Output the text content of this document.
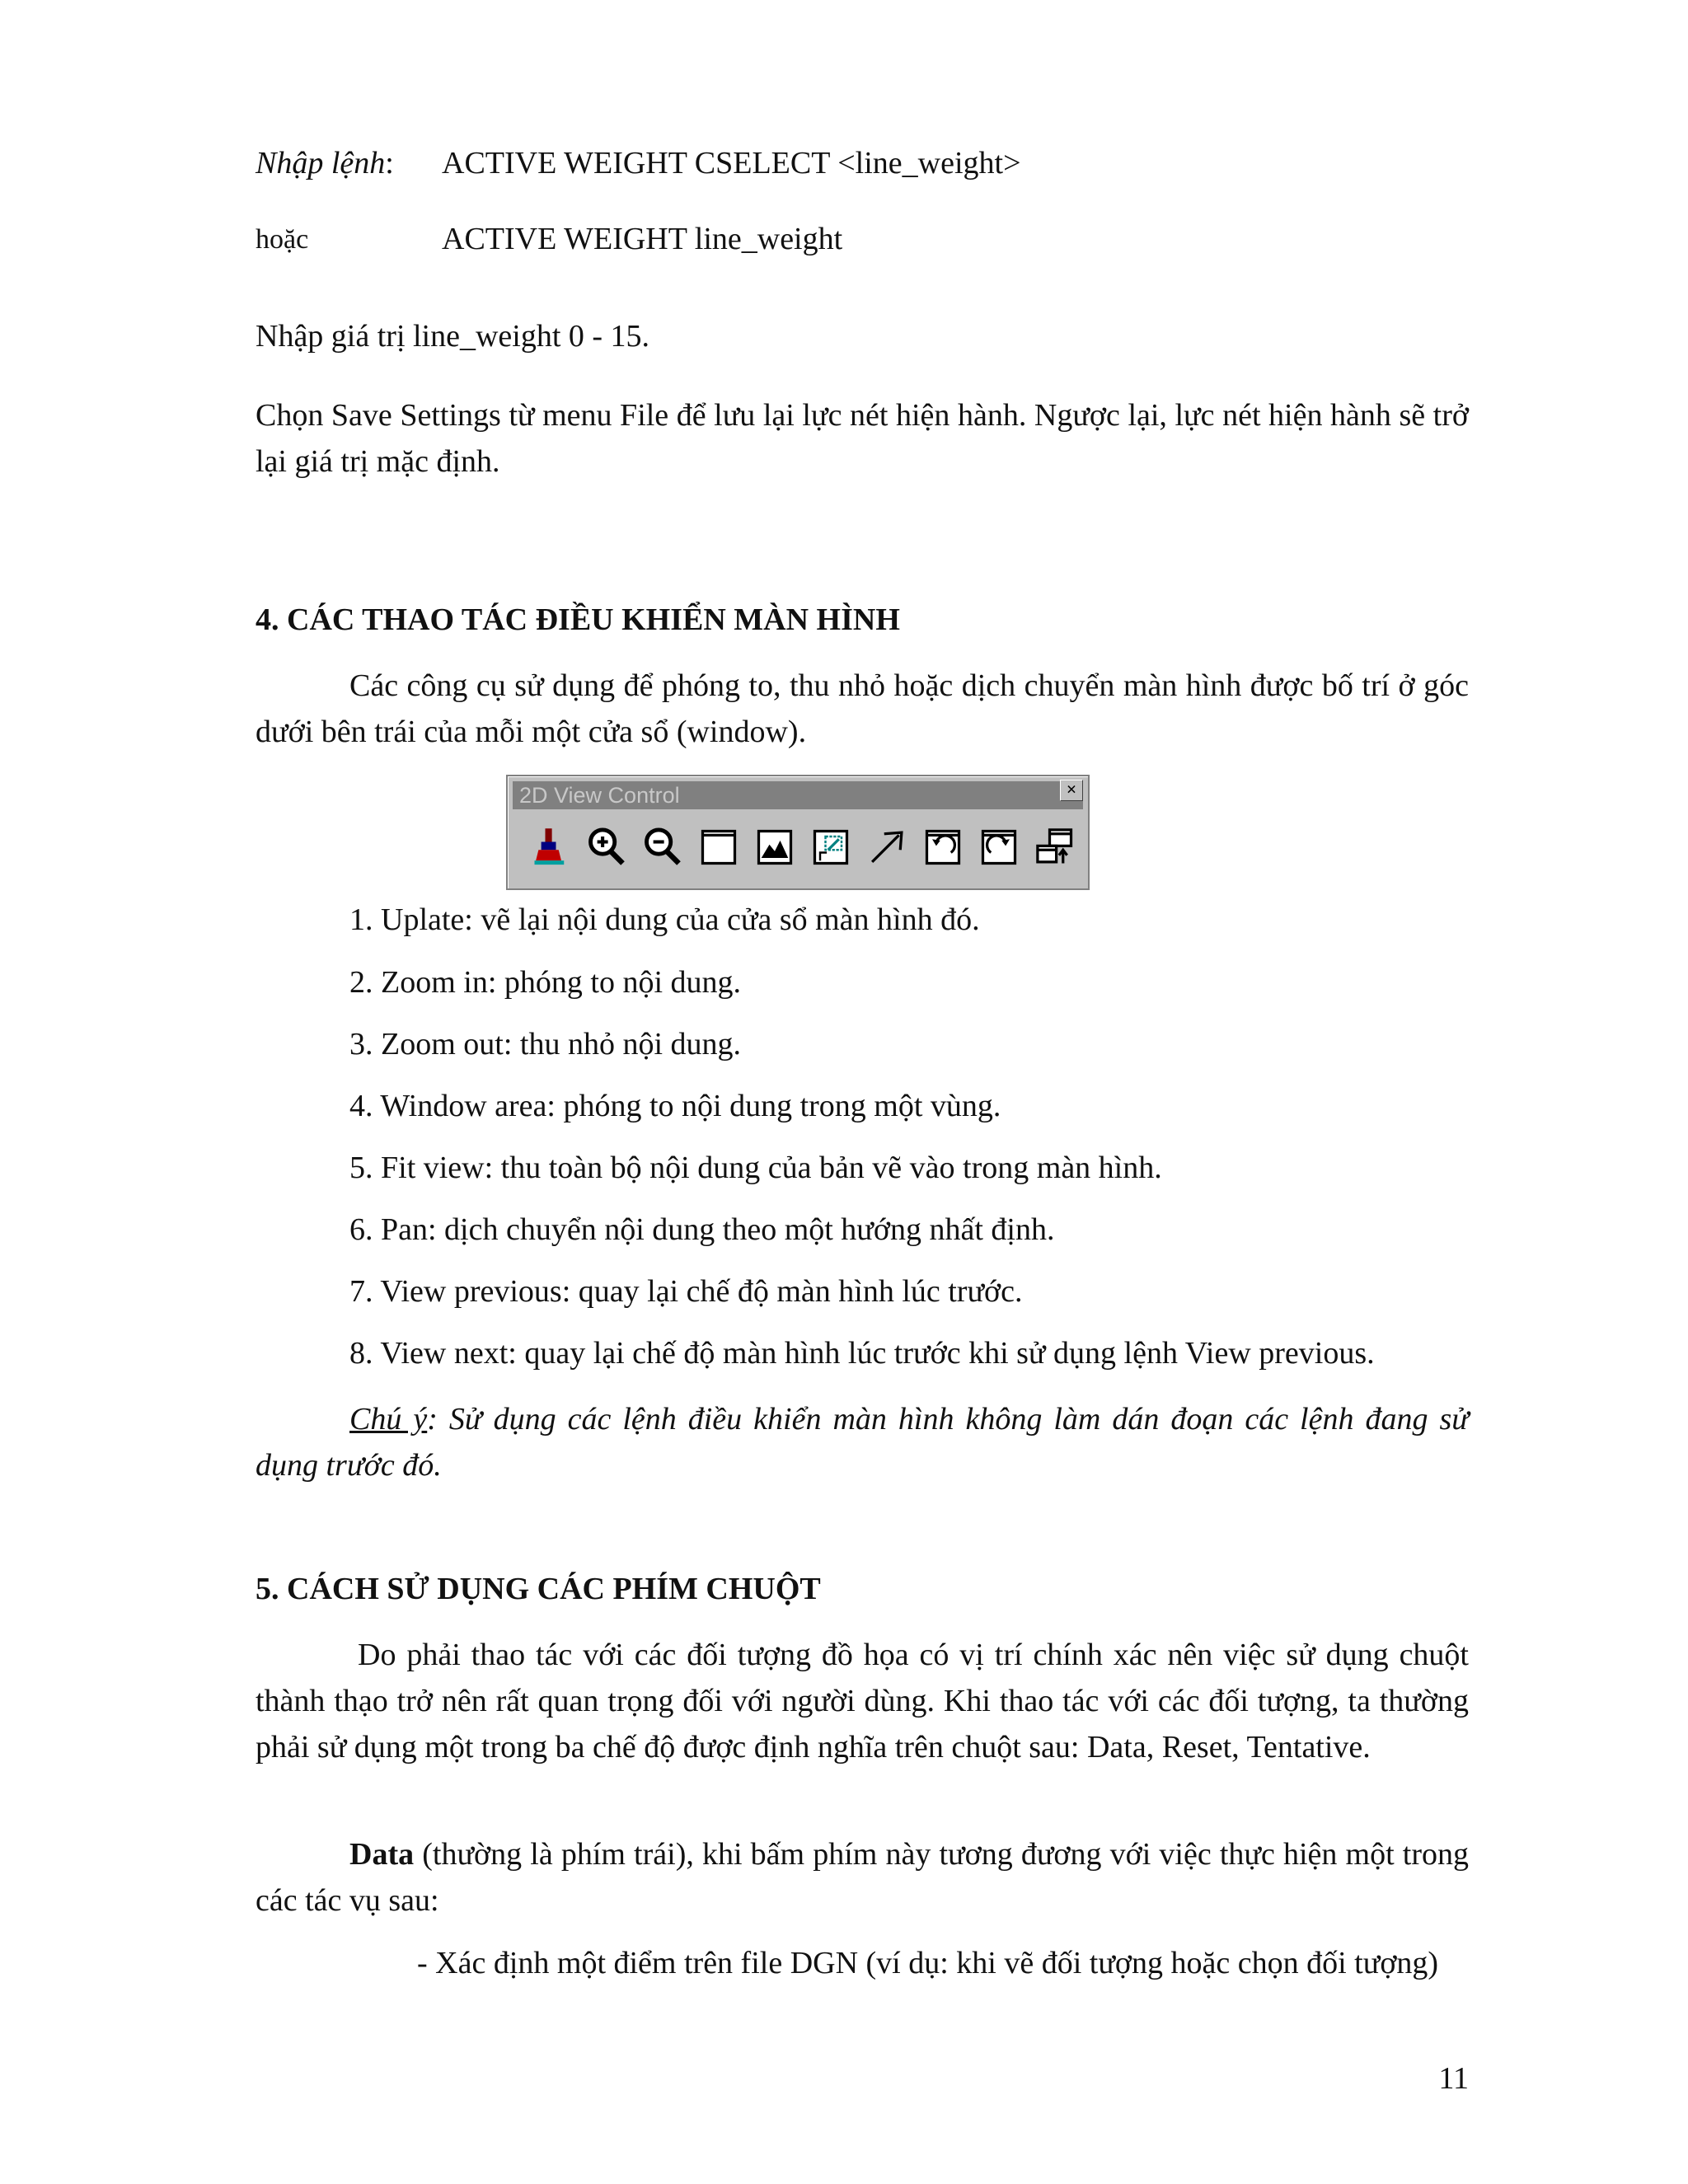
Nhập lệnh: ACTIVE WEIGHT CSELECT <line_weight>
hoặc	ACTIVE WEIGHT line_weight

Nhập giá trị line_weight 0 - 15.

Chọn Save Settings từ menu File để lưu lại lực nét hiện hành. Ngược lại, lực nét hiện hành sẽ trở lại giá trị mặc định.

4. CÁC THAO TÁC ĐIỀU KHIỂN MÀN HÌNH

Các công cụ sử dụng để phóng to, thu nhỏ hoặc dịch chuyển màn hình được bố trí ở góc dưới bên trái của mỗi một cửa sổ (window).

1. Uplate: vẽ lại nội dung của cửa sổ màn hình đó.

2. Zoom in: phóng to nội dung.

3. Zoom out: thu nhỏ nội dung.

4. Window area: phóng to nội dung trong một vùng.

5. Fit view: thu toàn bộ nội dung của bản vẽ vào trong màn hình.

6. Pan: dịch chuyển nội dung theo một hướng nhất định.

7. View previous: quay lại chế độ màn hình lúc trước.

8. View next: quay lại chế độ màn hình lúc trước khi sử dụng lệnh View previous.

Chú ý: Sử dụng các lệnh điều khiển màn hình không làm dán đoạn các lệnh đang sử dụng trước đó.

5. CÁCH SỬ DỤNG CÁC PHÍM CHUỘT

Do phải thao tác với các đối tượng đồ họa có vị trí chính xác nên việc sử dụng chuột thành thạo trở nên rất quan trọng đối với người dùng. Khi thao tác với các đối tượng, ta thường phải sử dụng một trong ba chế độ được định nghĩa trên chuột sau: Data, Reset, Tentative.

Data (thường là phím trái), khi bấm phím này tương đương với việc thực hiện một trong các tác vụ sau:

- Xác định một điểm trên file DGN (ví dụ: khi vẽ đối tượng hoặc chọn đối tượng)

2D View Control	×
11
